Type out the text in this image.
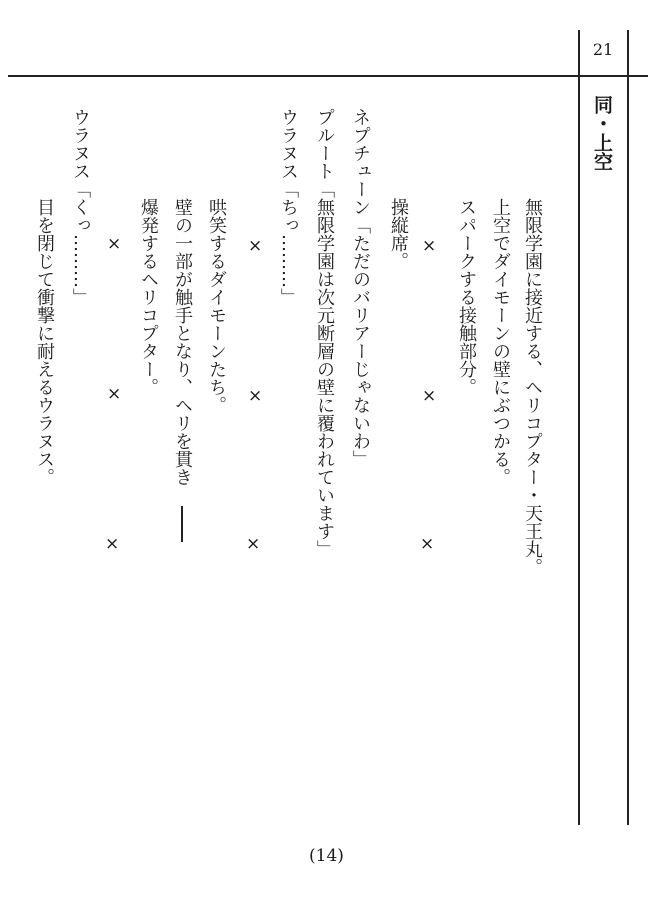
21
同・上空
無限学園に接近する、ヘリコプター・天王丸。
上空でダイモーンの壁にぶつかる。
スパークする接触部分。
操縦席。
ネプチューン「ただのバリアーじゃないわ」
プルート「無限学園は次元断層の壁に覆われています」
ウラヌス「ちっ………」
哄笑するダイモーンたち。
壁の一部が触手となり、ヘリを貫き
爆発するヘリコプター。
ウラヌス「くっ………」
目を閉じて衝撃に耐えるウラヌス。	×
×
×
×
×
×
×
×
×
(14)
